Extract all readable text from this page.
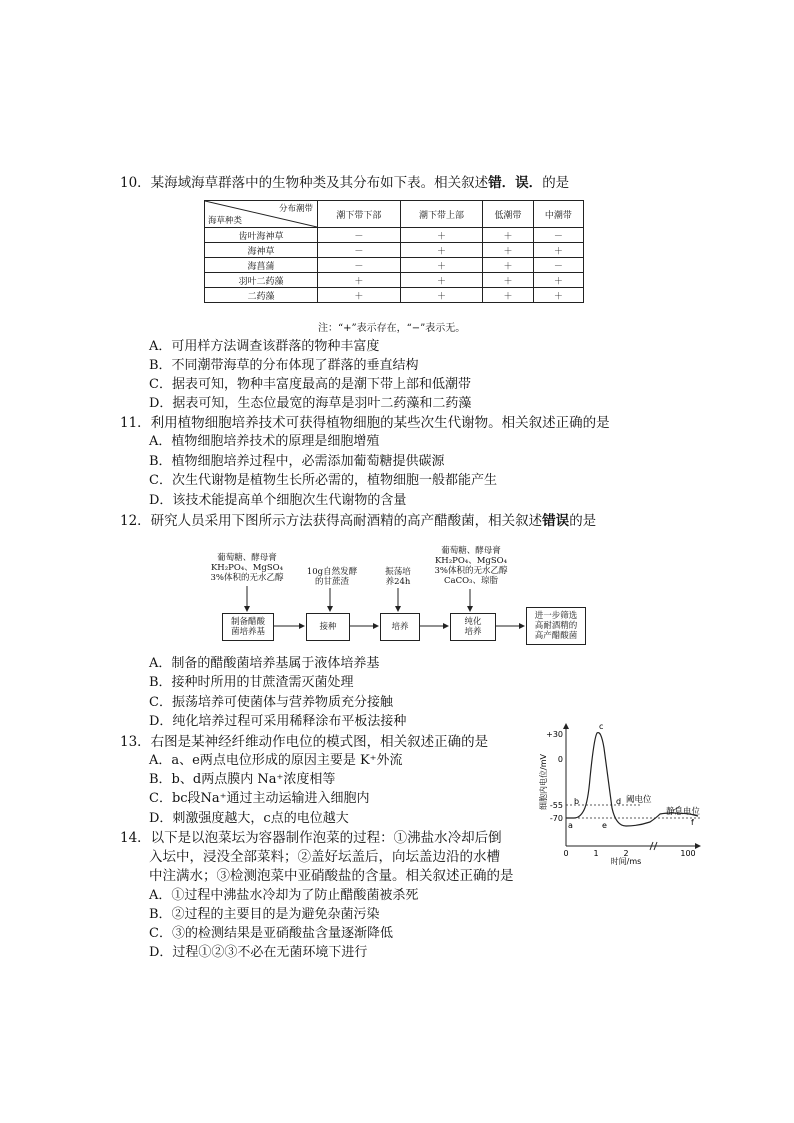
10．某海域海草群落中的生物种类及其分布如下表。相关叙述错．误．的是
分布潮带
海草种类	潮下带下部	潮下带上部	低潮带	中潮带
齿叶海神草	－	＋	＋	－
海神草	－	＋	＋	＋
海菖蒲	－	＋	＋	－
羽叶二药藻	＋	＋	＋	＋
二药藻	＋	＋	＋	＋
注：“+”表示存在，“−”表示无。
A．可用样方法调查该群落的物种丰富度
B．不同潮带海草的分布体现了群落的垂直结构
C．据表可知，物种丰富度最高的是潮下带上部和低潮带
D．据表可知，生态位最宽的海草是羽叶二药藻和二药藻
11．利用植物细胞培养技术可获得植物细胞的某些次生代谢物。相关叙述正确的是
A．植物细胞培养技术的原理是细胞增殖
B．植物细胞培养过程中，必需添加葡萄糖提供碳源
C．次生代谢物是植物生长所必需的，植物细胞一般都能产生
D．该技术能提高单个细胞次生代谢物的含量
12．研究人员采用下图所示方法获得高耐酒精的高产醋酸菌，相关叙述错误的是
葡萄糖、酵母膏
KH₂PO₄、MgSO₄
3%体积的无水乙醇
10g自然发酵
的甘蔗渣
振荡培
养24h
葡萄糖、酵母膏
KH₂PO₄、MgSO₄
3%体积的无水乙醇
CaCO₃、琼脂
制备醋酸
菌培养基	接种	培养	纯化
培养
进一步筛选
高耐酒精的
高产醋酸菌
A．制备的醋酸菌培养基属于液体培养基
B．接种时所用的甘蔗渣需灭菌处理
C．振荡培养可使菌体与营养物质充分接触
D．纯化培养过程可采用稀释涂布平板法接种
13．右图是某神经纤维动作电位的模式图，相关叙述正确的是
A．a、e两点电位形成的原因主要是 K⁺外流
B．b、d两点膜内 Na⁺浓度相等
C．bc段Na⁺通过主动运输进入细胞内
D．刺激强度越大，c点的电位越大
+30
0
-55
-70
0	1	2	100
时间/ms
细胞内电位/mV
a
b
c
d
e	f
阈电位
静息电位
14．以下是以泡菜坛为容器制作泡菜的过程：①沸盐水冷却后倒
入坛中，浸没全部菜料；②盖好坛盖后，向坛盖边沿的水槽
中注满水；③检测泡菜中亚硝酸盐的含量。相关叙述正确的是
A．①过程中沸盐水冷却为了防止醋酸菌被杀死
B．②过程的主要目的是为避免杂菌污染
C．③的检测结果是亚硝酸盐含量逐渐降低
D．过程①②③不必在无菌环境下进行
